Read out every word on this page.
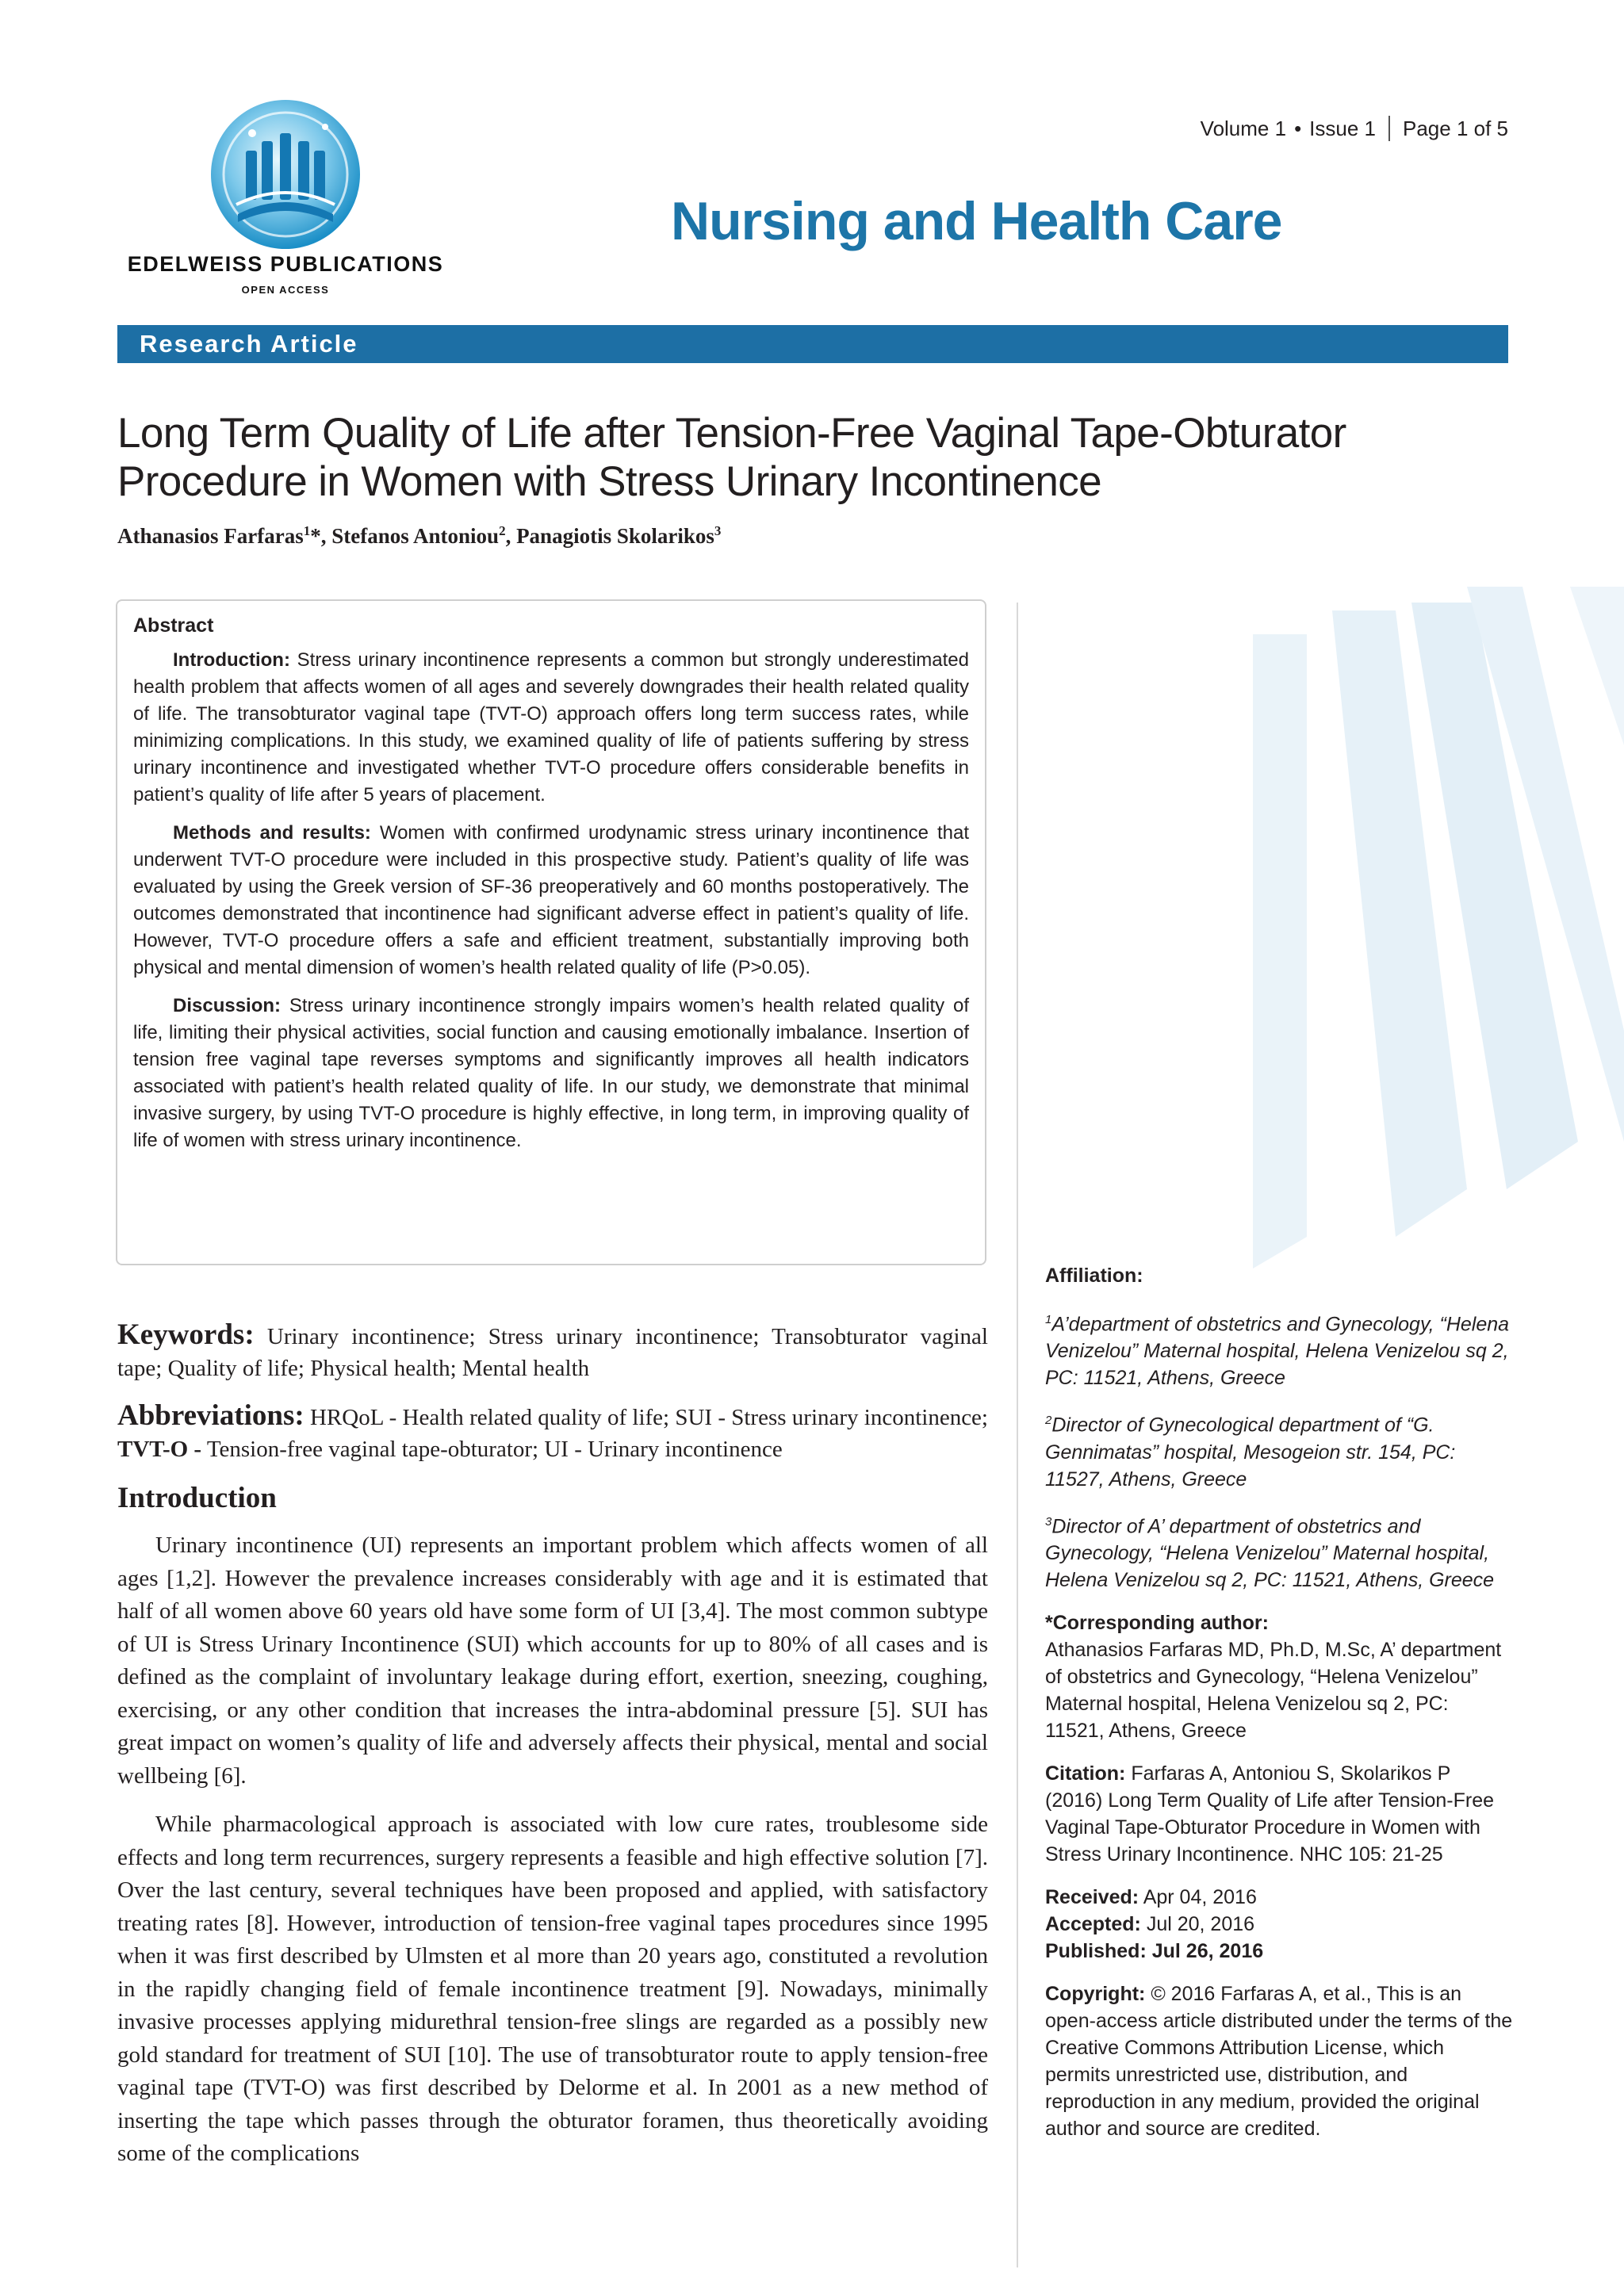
EDELWEISS PUBLICATIONS
OPEN ACCESS
Volume 1 • Issue 1 Page 1 of 5
Nursing and Health Care
Research Article
Long Term Quality of Life after Tension-Free Vaginal Tape-Obturator
Procedure in Women with Stress Urinary Incontinence
Athanasios Farfaras$^1$*, Stefanos Antoniou$^2$, Panagiotis Skolarikos$^3$
Abstract

Introduction: Stress urinary incontinence represents a common but strongly underestimated health problem that affects women of all ages and severely downgrades their health related quality of life. The transobturator vaginal tape (TVT-O) approach offers long term success rates, while minimizing complications. In this study, we examined quality of life of patients suffering by stress urinary incontinence and investigated whether TVT-O procedure offers considerable benefits in patient’s quality of life after 5 years of placement.

Methods and results: Women with confirmed urodynamic stress urinary incontinence that underwent TVT-O procedure were included in this prospective study. Patient’s quality of life was evaluated by using the Greek version of SF-36 preoperatively and 60 months postoperatively. The outcomes demonstrated that incontinence had significant adverse effect in patient’s quality of life. However, TVT-O procedure offers a safe and efficient treatment, substantially improving both physical and mental dimension of women’s health related quality of life (P>0.05).

Discussion: Stress urinary incontinence strongly impairs women’s health related quality of life, limiting their physical activities, social function and causing emotionally imbalance. Insertion of tension free vaginal tape reverses symptoms and significantly improves all health indicators associated with patient’s health related quality of life. In our study, we demonstrate that minimal invasive surgery, by using TVT-O procedure is highly effective, in long term, in improving quality of life of women with stress urinary incontinence.

Keywords: Urinary incontinence; Stress urinary incontinence; Transobturator vaginal tape; Quality of life; Physical health; Mental health

Abbreviations: HRQoL - Health related quality of life; SUI - Stress urinary incontinence; TVT-O - Tension-free vaginal tape-obturator; UI - Urinary incontinence

Introduction

Urinary incontinence (UI) represents an important problem which affects women of all ages [1,2]. However the prevalence increases considerably with age and it is estimated that half of all women above 60 years old have some form of UI [3,4]. The most common subtype of UI is Stress Urinary Incontinence (SUI) which accounts for up to 80% of all cases and is defined as the complaint of involuntary leakage during effort, exertion, sneezing, coughing, exercising, or any other condition that increases the intra-abdominal pressure [5]. SUI has great impact on women’s quality of life and adversely affects their physical, mental and social wellbeing [6].

While pharmacological approach is associated with low cure rates, troublesome side effects and long term recurrences, surgery represents a feasible and high effective solution [7]. Over the last century, several techniques have been proposed and applied, with satisfactory treating rates [8]. However, introduction of tension-free vaginal tapes procedures since 1995 when it was first described by Ulmsten et al more than 20 years ago, constituted a revolution in the rapidly changing field of female incontinence treatment [9]. Nowadays, minimally invasive processes applying midurethral tension-free slings are regarded as a possibly new gold standard for treatment of SUI [10]. The use of transobturator route to apply tension-free vaginal tape (TVT-O) was first described by Delorme et al. In 2001 as a new method of inserting the tape which passes through the obturator foramen, thus theoretically avoiding some of the complications

Affiliation:
$^1$A’department of obstetrics and Gynecology, “Helena Venizelou” Maternal hospital, Helena Venizelou sq 2, PC: 11521, Athens, Greece
$^2$Director of Gynecological department of “G. Gennimatas” hospital, Mesogeion str. 154, PC: 11527, Athens, Greece
$^3$Director of A’ department of obstetrics and Gynecology, “Helena Venizelou” Maternal hospital, Helena Venizelou sq 2, PC: 11521, Athens, Greece
*Corresponding author:
Athanasios Farfaras MD, Ph.D, M.Sc, A’ department of obstetrics and Gynecology, “Helena Venizelou” Maternal hospital, Helena Venizelou sq 2, PC: 11521, Athens, Greece
Citation: Farfaras A, Antoniou S, Skolarikos P (2016) Long Term Quality of Life after Tension-Free Vaginal Tape-Obturator Procedure in Women with Stress Urinary Incontinence. NHC 105: 21-25
Received: Apr 04, 2016
Accepted: Jul 20, 2016
Published: Jul 26, 2016
Copyright: © 2016 Farfaras A, et al., This is an open-access article distributed under the terms of the Creative Commons Attribution License, which permits unrestricted use, distribution, and reproduction in any medium, provided the original author and source are credited.
